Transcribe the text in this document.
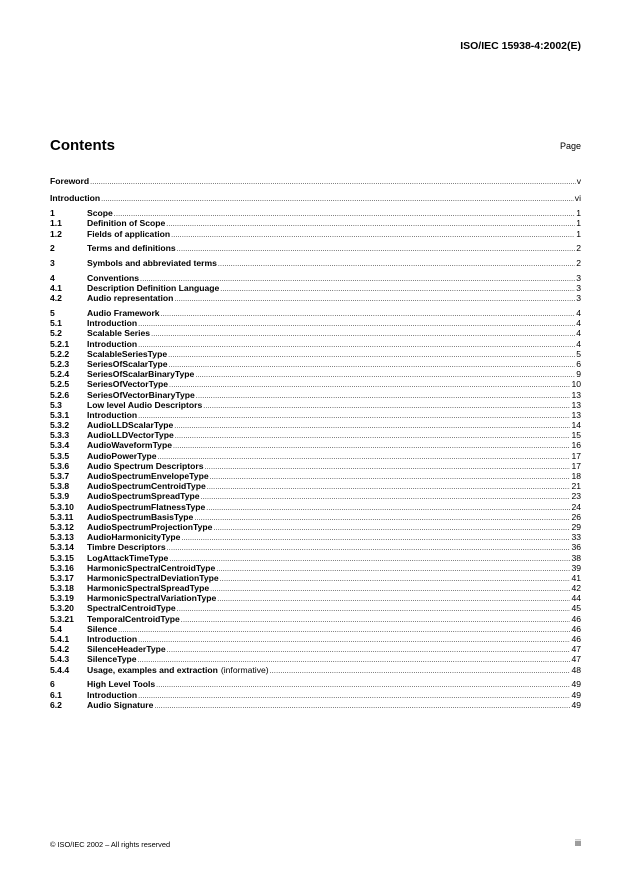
ISO/IEC 15938-4:2002(E)
Contents	Page
Foreword .....	v
Introduction .....	vi
1	Scope .....	1
1.1	Definition of Scope .....	1
1.2	Fields of application .....	1
2	Terms and definitions .....	2
3	Symbols and abbreviated terms .....	2
4	Conventions .....	3
4.1	Description Definition Language .....	3
4.2	Audio representation .....	3
5	Audio Framework .....	4
5.1	Introduction .....	4
5.2	Scalable Series .....	4
5.2.1	Introduction .....	4
5.2.2	ScalableSeriesType .....	5
5.2.3	SeriesOfScalarType .....	6
5.2.4	SeriesOfScalarBinaryType .....	9
5.2.5	SeriesOfVectorType .....	10
5.2.6	SeriesOfVectorBinaryType .....	13
5.3	Low level Audio Descriptors .....	13
5.3.1	Introduction .....	13
5.3.2	AudioLLDScalarType .....	14
5.3.3	AudioLLDVectorType .....	15
5.3.4	AudioWaveformType .....	16
5.3.5	AudioPowerType .....	17
5.3.6	Audio Spectrum Descriptors .....	17
5.3.7	AudioSpectrumEnvelopeType .....	18
5.3.8	AudioSpectrumCentroidType .....	21
5.3.9	AudioSpectrumSpreadType .....	23
5.3.10	AudioSpectrumFlatnessType .....	24
5.3.11	AudioSpectrumBasisType .....	26
5.3.12	AudioSpectrumProjectionType .....	29
5.3.13	AudioHarmonicityType .....	33
5.3.14	Timbre Descriptors .....	36
5.3.15	LogAttackTimeType .....	38
5.3.16	HarmonicSpectralCentroidType .....	39
5.3.17	HarmonicSpectralDeviationType .....	41
5.3.18	HarmonicSpectralSpreadType .....	42
5.3.19	HarmonicSpectralVariationType .....	44
5.3.20	SpectralCentroidType .....	45
5.3.21	TemporalCentroidType .....	46
5.4	Silence .....	46
5.4.1	Introduction .....	46
5.4.2	SilenceHeaderType .....	47
5.4.3	SilenceType .....	47
5.4.4	Usage, examples and extraction (informative) .....	48
6	High Level Tools .....	49
6.1	Introduction .....	49
6.2	Audio Signature .....	49
© ISO/IEC 2002 – All rights reserved	iii
